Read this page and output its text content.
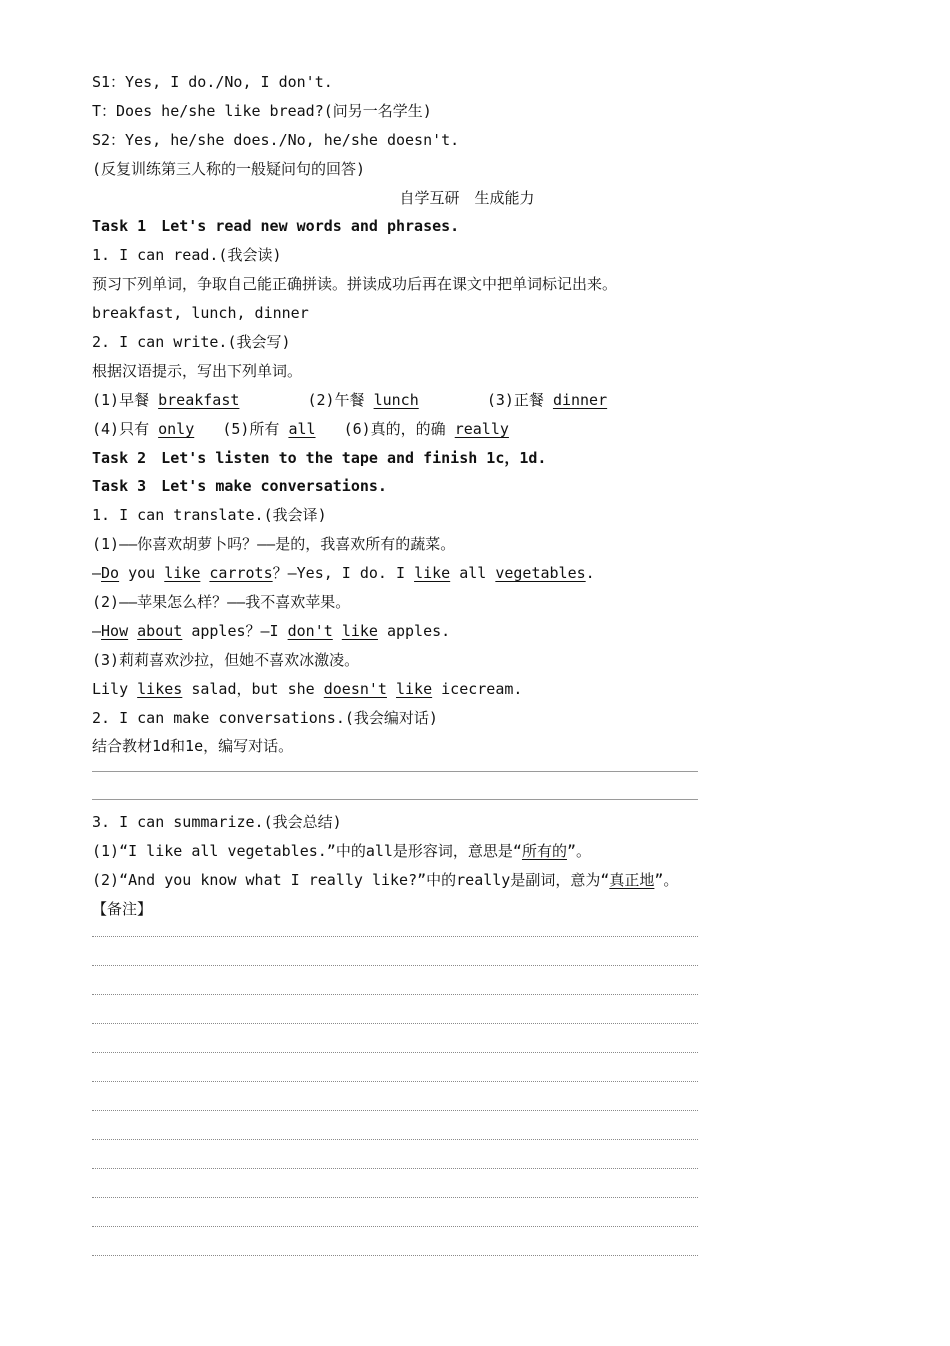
S1：Yes, I do./No, I don't.
T：Does he/she like bread?(问另一名学生)
S2：Yes, he/she does./No, he/she doesn't.
(反复训练第三人称的一般疑问句的回答)
自学互研　生成能力
Task 1　Let's read new words and phrases.
1. I can read.(我会读)
预习下列单词，争取自己能正确拼读。拼读成功后再在课文中把单词标记出来。
breakfast, lunch, dinner
2. I can write.(我会写)
根据汉语提示，写出下列单词。
(1)早餐 breakfast	(2)午餐 lunch	(3)正餐 dinner
(4)只有 only (5)所有 all (6)真的，的确 really
Task 2　Let's listen to the tape and finish 1c，1d.
Task 3　Let's make conversations.
1. I can translate.(我会译)
(1)——你喜欢胡萝卜吗？——是的，我喜欢所有的蔬菜。
—Do you like carrots？—Yes, I do. I like all vegetables.
(2)——苹果怎么样？——我不喜欢苹果。
—How about apples？—I don't like apples.
(3)莉莉喜欢沙拉，但她不喜欢冰激凌。
Lily likes salad，but she doesn't like icecream.
2. I can make conversations.(我会编对话)
结合教材1d和1e，编写对话。
3. I can summarize.(我会总结)
(1)“I like all vegetables.”中的all是形容词，意思是“所有的”。
(2)“And you know what I really like?”中的really是副词，意为“真正地”。
【备注】
